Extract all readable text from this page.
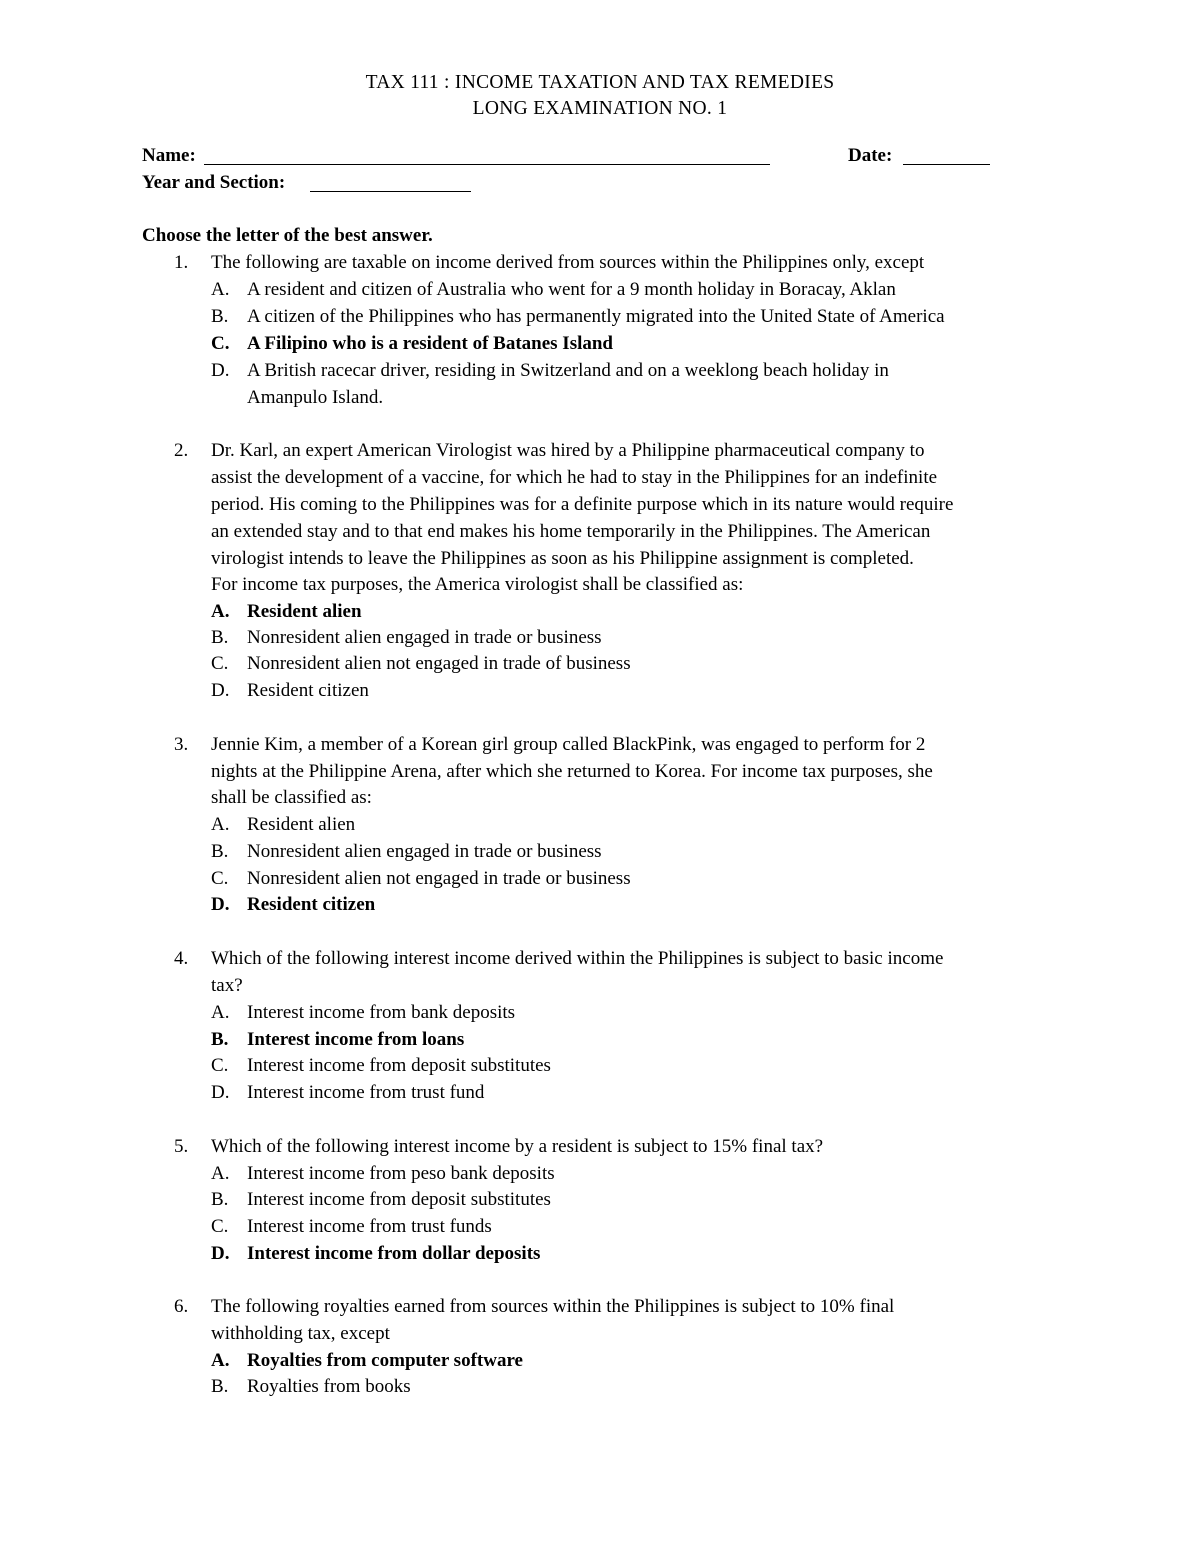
TAX 111 : INCOME TAXATION AND TAX REMEDIES
LONG EXAMINATION NO. 1
Name:	Date:
Year and Section:
Choose the letter of the best answer.
1.	The following are taxable on income derived from sources within the Philippines only, except
A. A resident and citizen of Australia who went for a 9 month holiday in Boracay, Aklan
B. A citizen of the Philippines who has permanently migrated into the United State of America
C. A Filipino who is a resident of Batanes Island
D. A British racecar driver, residing in Switzerland and on a weeklong beach holiday in
Amanpulo Island.
2.	Dr. Karl, an expert American Virologist was hired by a Philippine pharmaceutical company to
assist the development of a vaccine, for which he had to stay in the Philippines for an indefinite
period. His coming to the Philippines was for a definite purpose which in its nature would require
an extended stay and to that end makes his home temporarily in the Philippines. The American
virologist intends to leave the Philippines as soon as his Philippine assignment is completed.
For income tax purposes, the America virologist shall be classified as:
A. Resident alien
B. Nonresident alien engaged in trade or business
C. Nonresident alien not engaged in trade of business
D. Resident citizen
3.	Jennie Kim, a member of a Korean girl group called BlackPink, was engaged to perform for 2
nights at the Philippine Arena, after which she returned to Korea. For income tax purposes, she
shall be classified as:
A. Resident alien
B. Nonresident alien engaged in trade or business
C. Nonresident alien not engaged in trade or business
D. Resident citizen
4.	Which of the following interest income derived within the Philippines is subject to basic income
tax?
A. Interest income from bank deposits
B. Interest income from loans
C. Interest income from deposit substitutes
D. Interest income from trust fund
5.	Which of the following interest income by a resident is subject to 15% final tax?
A. Interest income from peso bank deposits
B. Interest income from deposit substitutes
C. Interest income from trust funds
D. Interest income from dollar deposits
6.	The following royalties earned from sources within the Philippines is subject to 10% final
withholding tax, except
A. Royalties from computer software
B. Royalties from books
